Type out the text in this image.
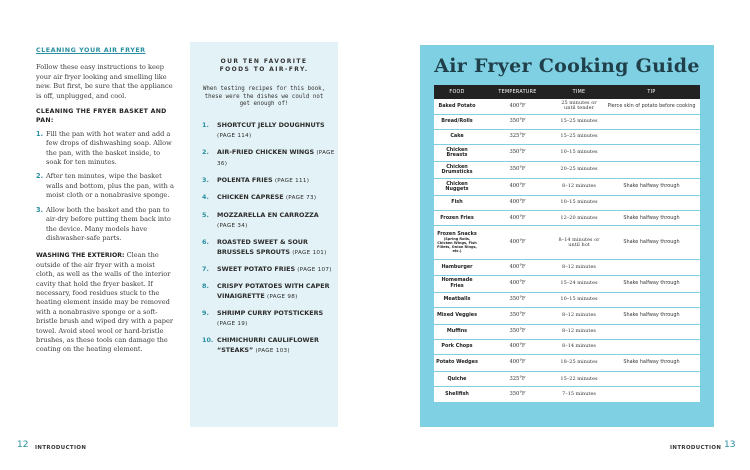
CLEANING YOUR AIR FRYER

Follow these easy instructions to keep your air fryer looking and smelling like new. But first, be sure that the appliance is off, unplugged, and cool.

CLEANING THE FRYER BASKET AND PAN:
1. Fill the pan with hot water and add a few drops of dishwashing soap. Allow the pan, with the basket inside, to soak for ten minutes.
2. After ten minutes, wipe the basket walls and bottom, plus the pan, with a moist cloth or a nonabrasive sponge.
3. Allow both the basket and the pan to air-dry before putting them back into the device. Many models have dishwasher-safe parts.

WASHING THE EXTERIOR: Clean the outside of the air fryer with a moist cloth, as well as the walls of the interior cavity that hold the fryer basket. If necessary, food residues stuck to the heating element inside may be removed with a nonabrasive sponge or a soft-bristle brush and wiped dry with a paper towel. Avoid steel wool or hard-bristle brushes, as these tools can damage the coating on the heating element.

OUR TEN FAVORITE
FOODS TO AIR-FRY.
When testing recipes for this book, these were the dishes we could not get enough of!
1. SHORTCUT JELLY DOUGHNUTS (PAGE 114)
2. AIR-FRIED CHICKEN WINGS (PAGE 36)
3. POLENTA FRIES (PAGE 111)
4. CHICKEN CAPRESE (PAGE 73)
5. MOZZARELLA EN CARROZZA (PAGE 34)
6. ROASTED SWEET & SOUR BRUSSELS SPROUTS (PAGE 101)
7. SWEET POTATO FRIES (PAGE 107)
8. CRISPY POTATOES WITH CAPER VINAIGRETTE (PAGE 98)
9. SHRIMP CURRY POTSTICKERS (PAGE 19)
10. CHIMICHURRI CAULIFLOWER “STEAKS” (PAGE 103)
12 INTRODUCTION	INTRODUCTION 13
Air Fryer Cooking Guide
FOOD	TEMPERATURE	TIME	TIP
Baked Potato	400°F	25 minutes or until tender	Pierce skin of potato before cooking
Bread/Rolls	350°F	15–25 minutes	
Cake	325°F	15–25 minutes	
Chicken Breasts	350°F	10–15 minutes	
Chicken Drumsticks	350°F	20–25 minutes	
Chicken Nuggets	400°F	8–12 minutes	Shake halfway through
Fish	400°F	10–15 minutes	
Frozen Fries	400°F	12–20 minutes	Shake halfway through
Frozen Snacks
(Spring Rolls, Chicken Wings, Fish Fillets, Onion Rings, etc.)	400°F	8–14 minutes or until hot	Shake halfway through
Hamburger	400°F	8–12 minutes	
Homemade Fries	400°F	15–24 minutes	Shake halfway through
Meatballs	350°F	10–15 minutes	
Mixed Veggies	350°F	8–12 minutes	Shake halfway through
Muffins	350°F	8–12 minutes	
Pork Chops	400°F	8–14 minutes	
Potato Wedges	400°F	18–25 minutes	Shake halfway through
Quiche	325°F	15–22 minutes	
Shellfish	350°F	7–15 minutes	
